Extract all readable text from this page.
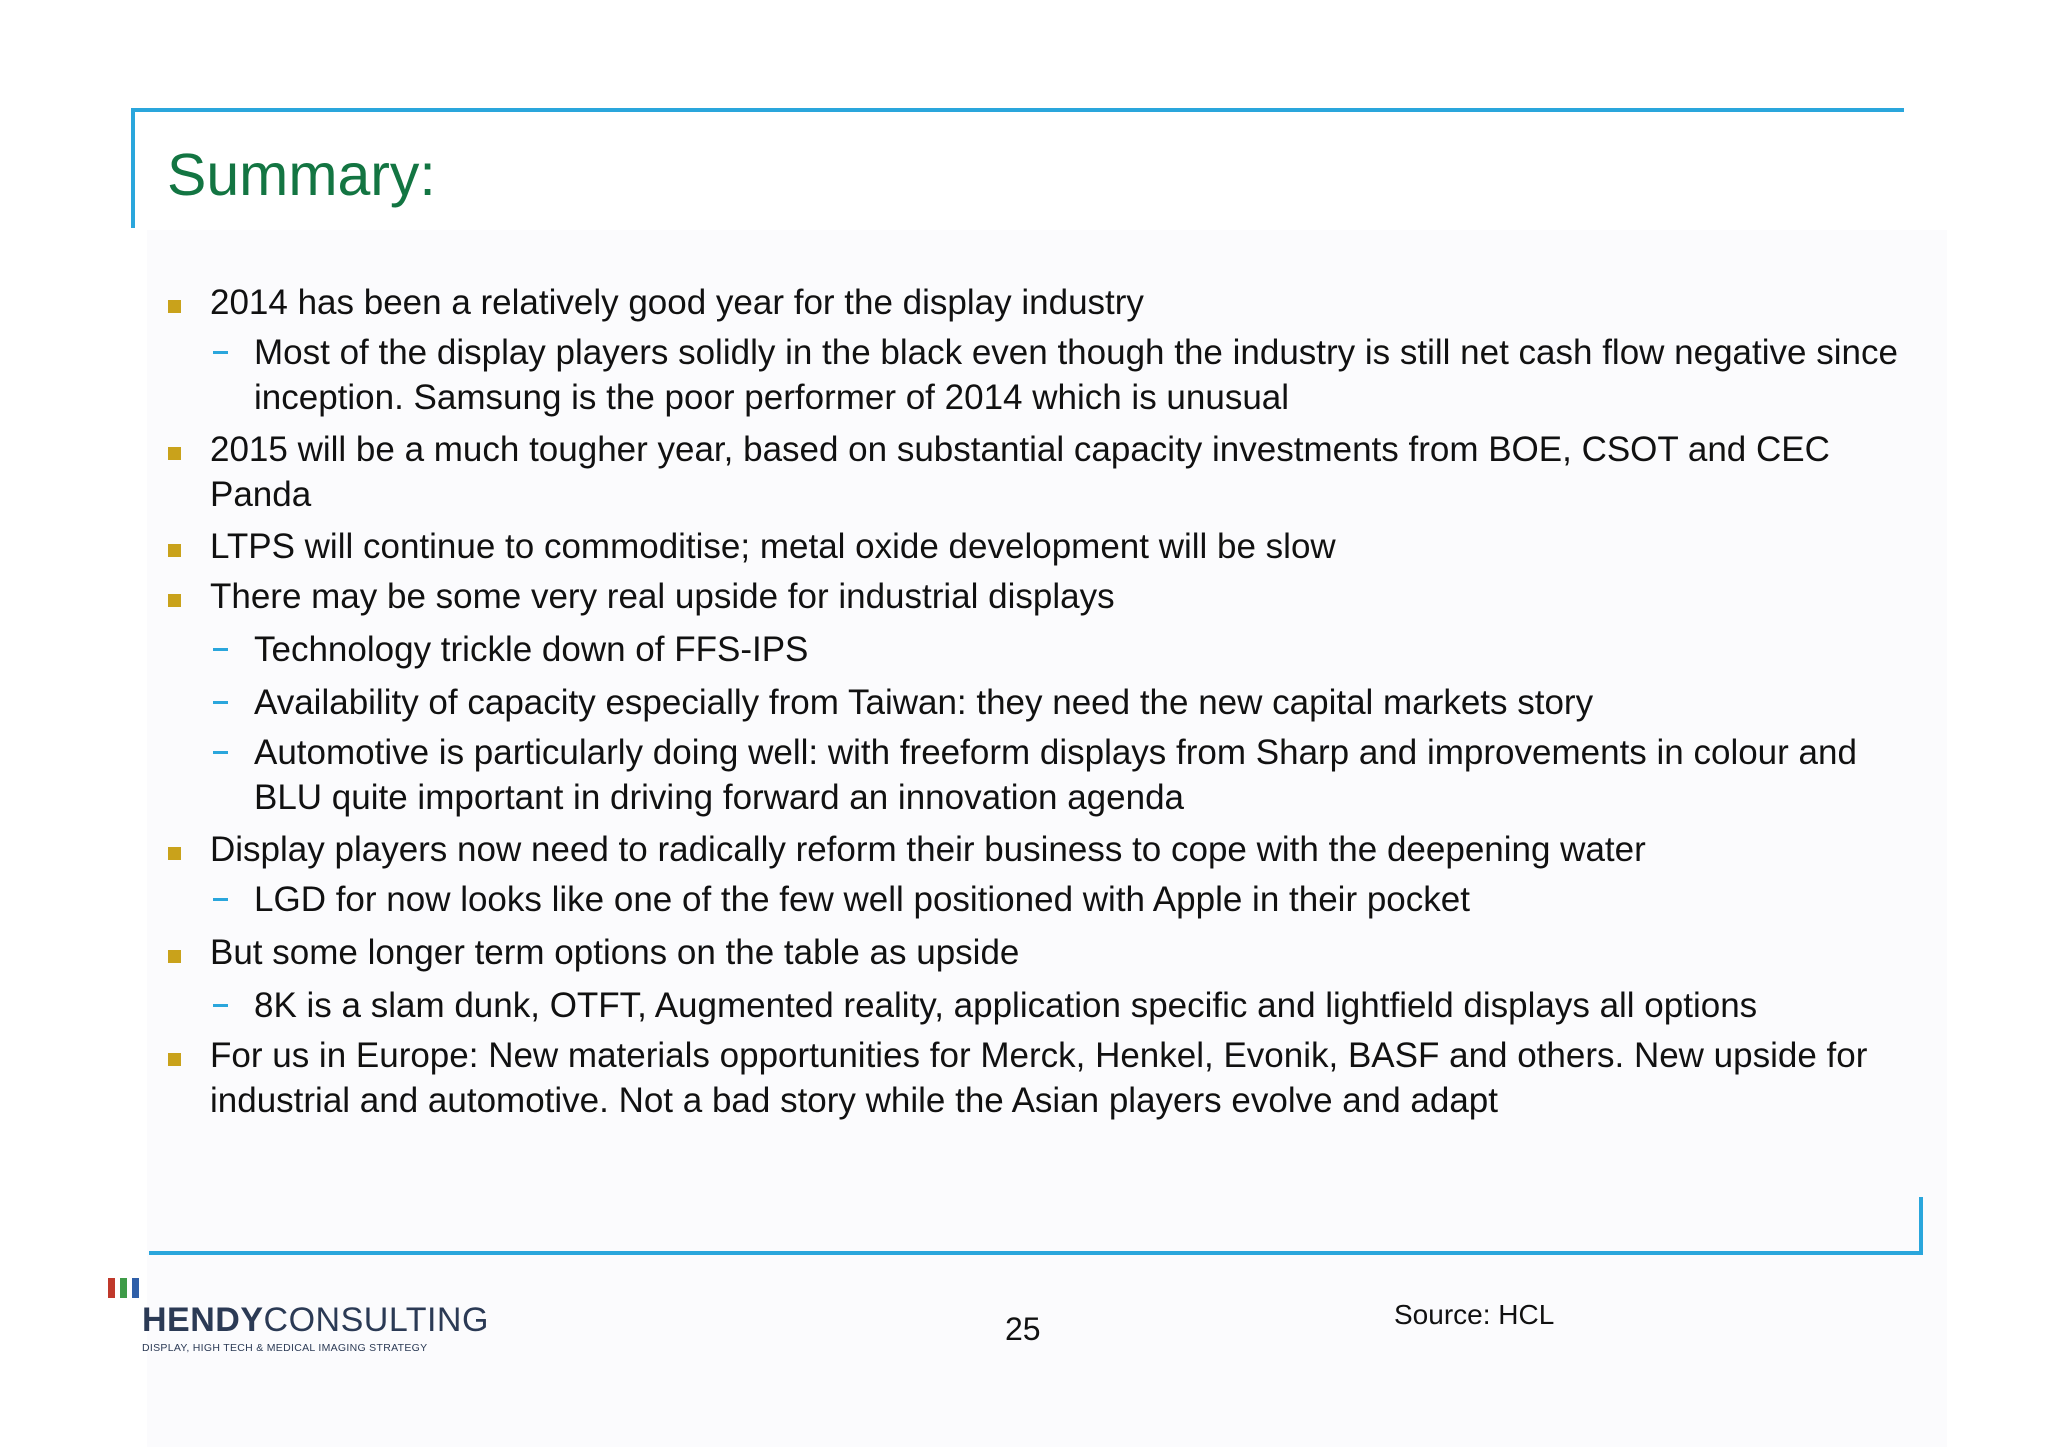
Summary:
2014 has been a relatively good year for the display industry
Most of the display players solidly in the black even though the industry is still net cash flow negative since inception. Samsung is the poor performer of 2014 which is unusual
2015 will be a much tougher year, based on substantial capacity investments from BOE, CSOT and CEC Panda
LTPS will continue to commoditise; metal oxide development will be slow
There may be some very real upside for industrial displays
Technology trickle down of FFS-IPS
Availability of capacity especially from Taiwan: they need the new capital markets story
Automotive is particularly doing well: with freeform displays from Sharp and improvements in colour and BLU quite important in driving forward an innovation agenda
Display players now need to radically reform their business to cope with the deepening water
LGD for now looks like one of the few well positioned with Apple in their pocket
But some longer term options on the table as upside
8K is a slam dunk, OTFT, Augmented reality, application specific and lightfield displays all options
For us in Europe: New materials opportunities for Merck, Henkel, Evonik, BASF and others. New upside for industrial and automotive. Not a bad story while the Asian players evolve and adapt
HENDYCONSULTING
DISPLAY, HIGH TECH & MEDICAL IMAGING STRATEGY
25	Source: HCL
